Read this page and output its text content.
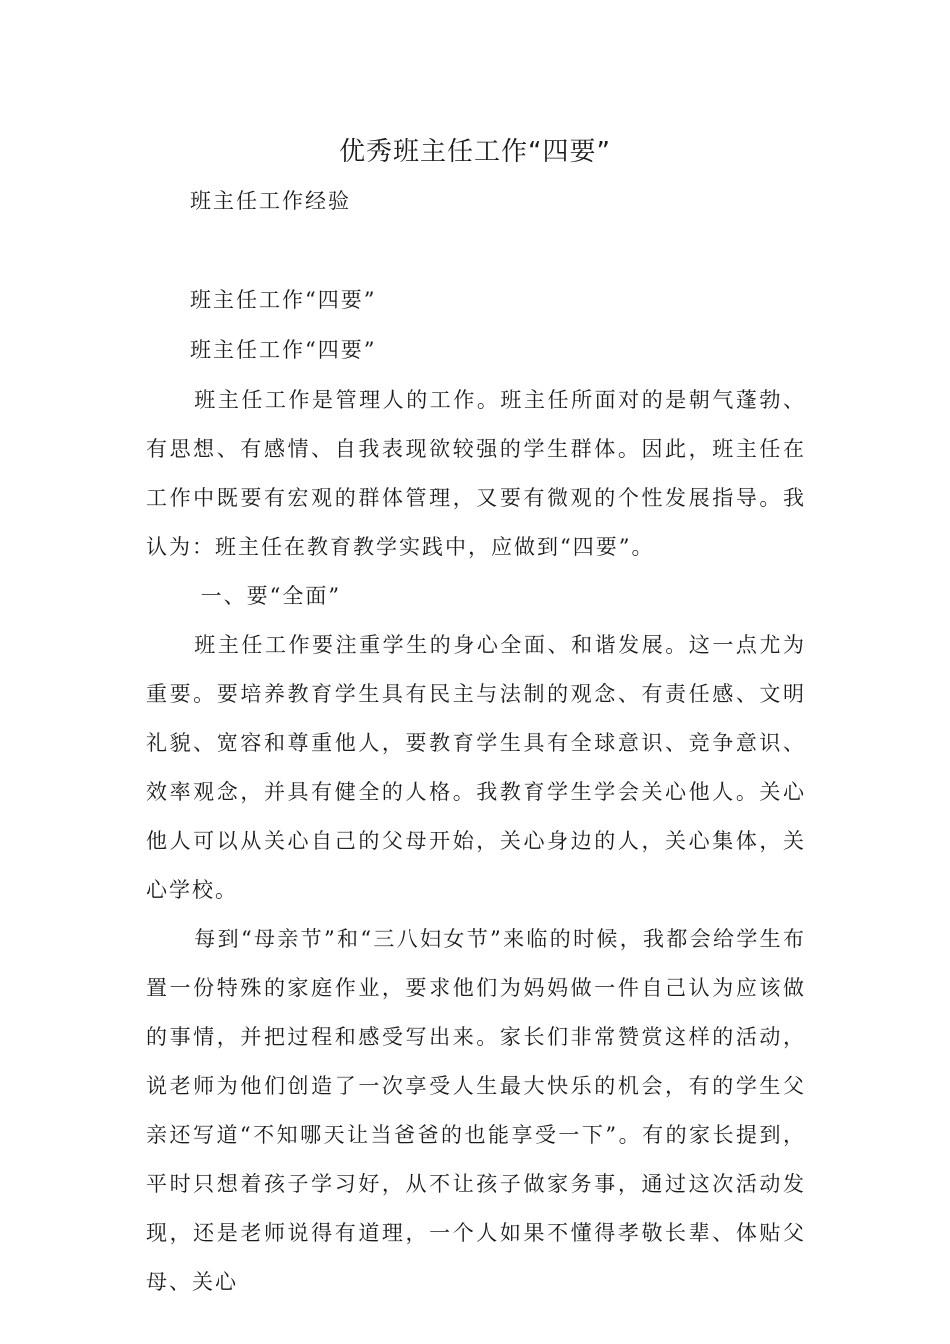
优秀班主任工作“四要”

班主任工作经验

班主任工作“四要”

班主任工作“四要”

班主任工作是管理人的工作。班主任所面对的是朝气蓬勃、有思想、有感情、自我表现欲较强的学生群体。因此，班主任在工作中既要有宏观的群体管理，又要有微观的个性发展指导。我认为：班主任在教育教学实践中，应做到“四要”。

一、要“全面”

班主任工作要注重学生的身心全面、和谐发展。这一点尤为重要。要培养教育学生具有民主与法制的观念、有责任感、文明礼貌、宽容和尊重他人，要教育学生具有全球意识、竞争意识、效率观念，并具有健全的人格。我教育学生学会关心他人。关心他人可以从关心自己的父母开始，关心身边的人，关心集体，关心学校。

每到“母亲节”和“三八妇女节”来临的时候，我都会给学生布置一份特殊的家庭作业，要求他们为妈妈做一件自己认为应该做的事情，并把过程和感受写出来。家长们非常赞赏这样的活动，说老师为他们创造了一次享受人生最大快乐的机会，有的学生父亲还写道“不知哪天让当爸爸的也能享受一下”。有的家长提到，平时只想着孩子学习好，从不让孩子做家务事，通过这次活动发现，还是老师说得有道理，一个人如果不懂得孝敬长辈、体贴父母、关心
